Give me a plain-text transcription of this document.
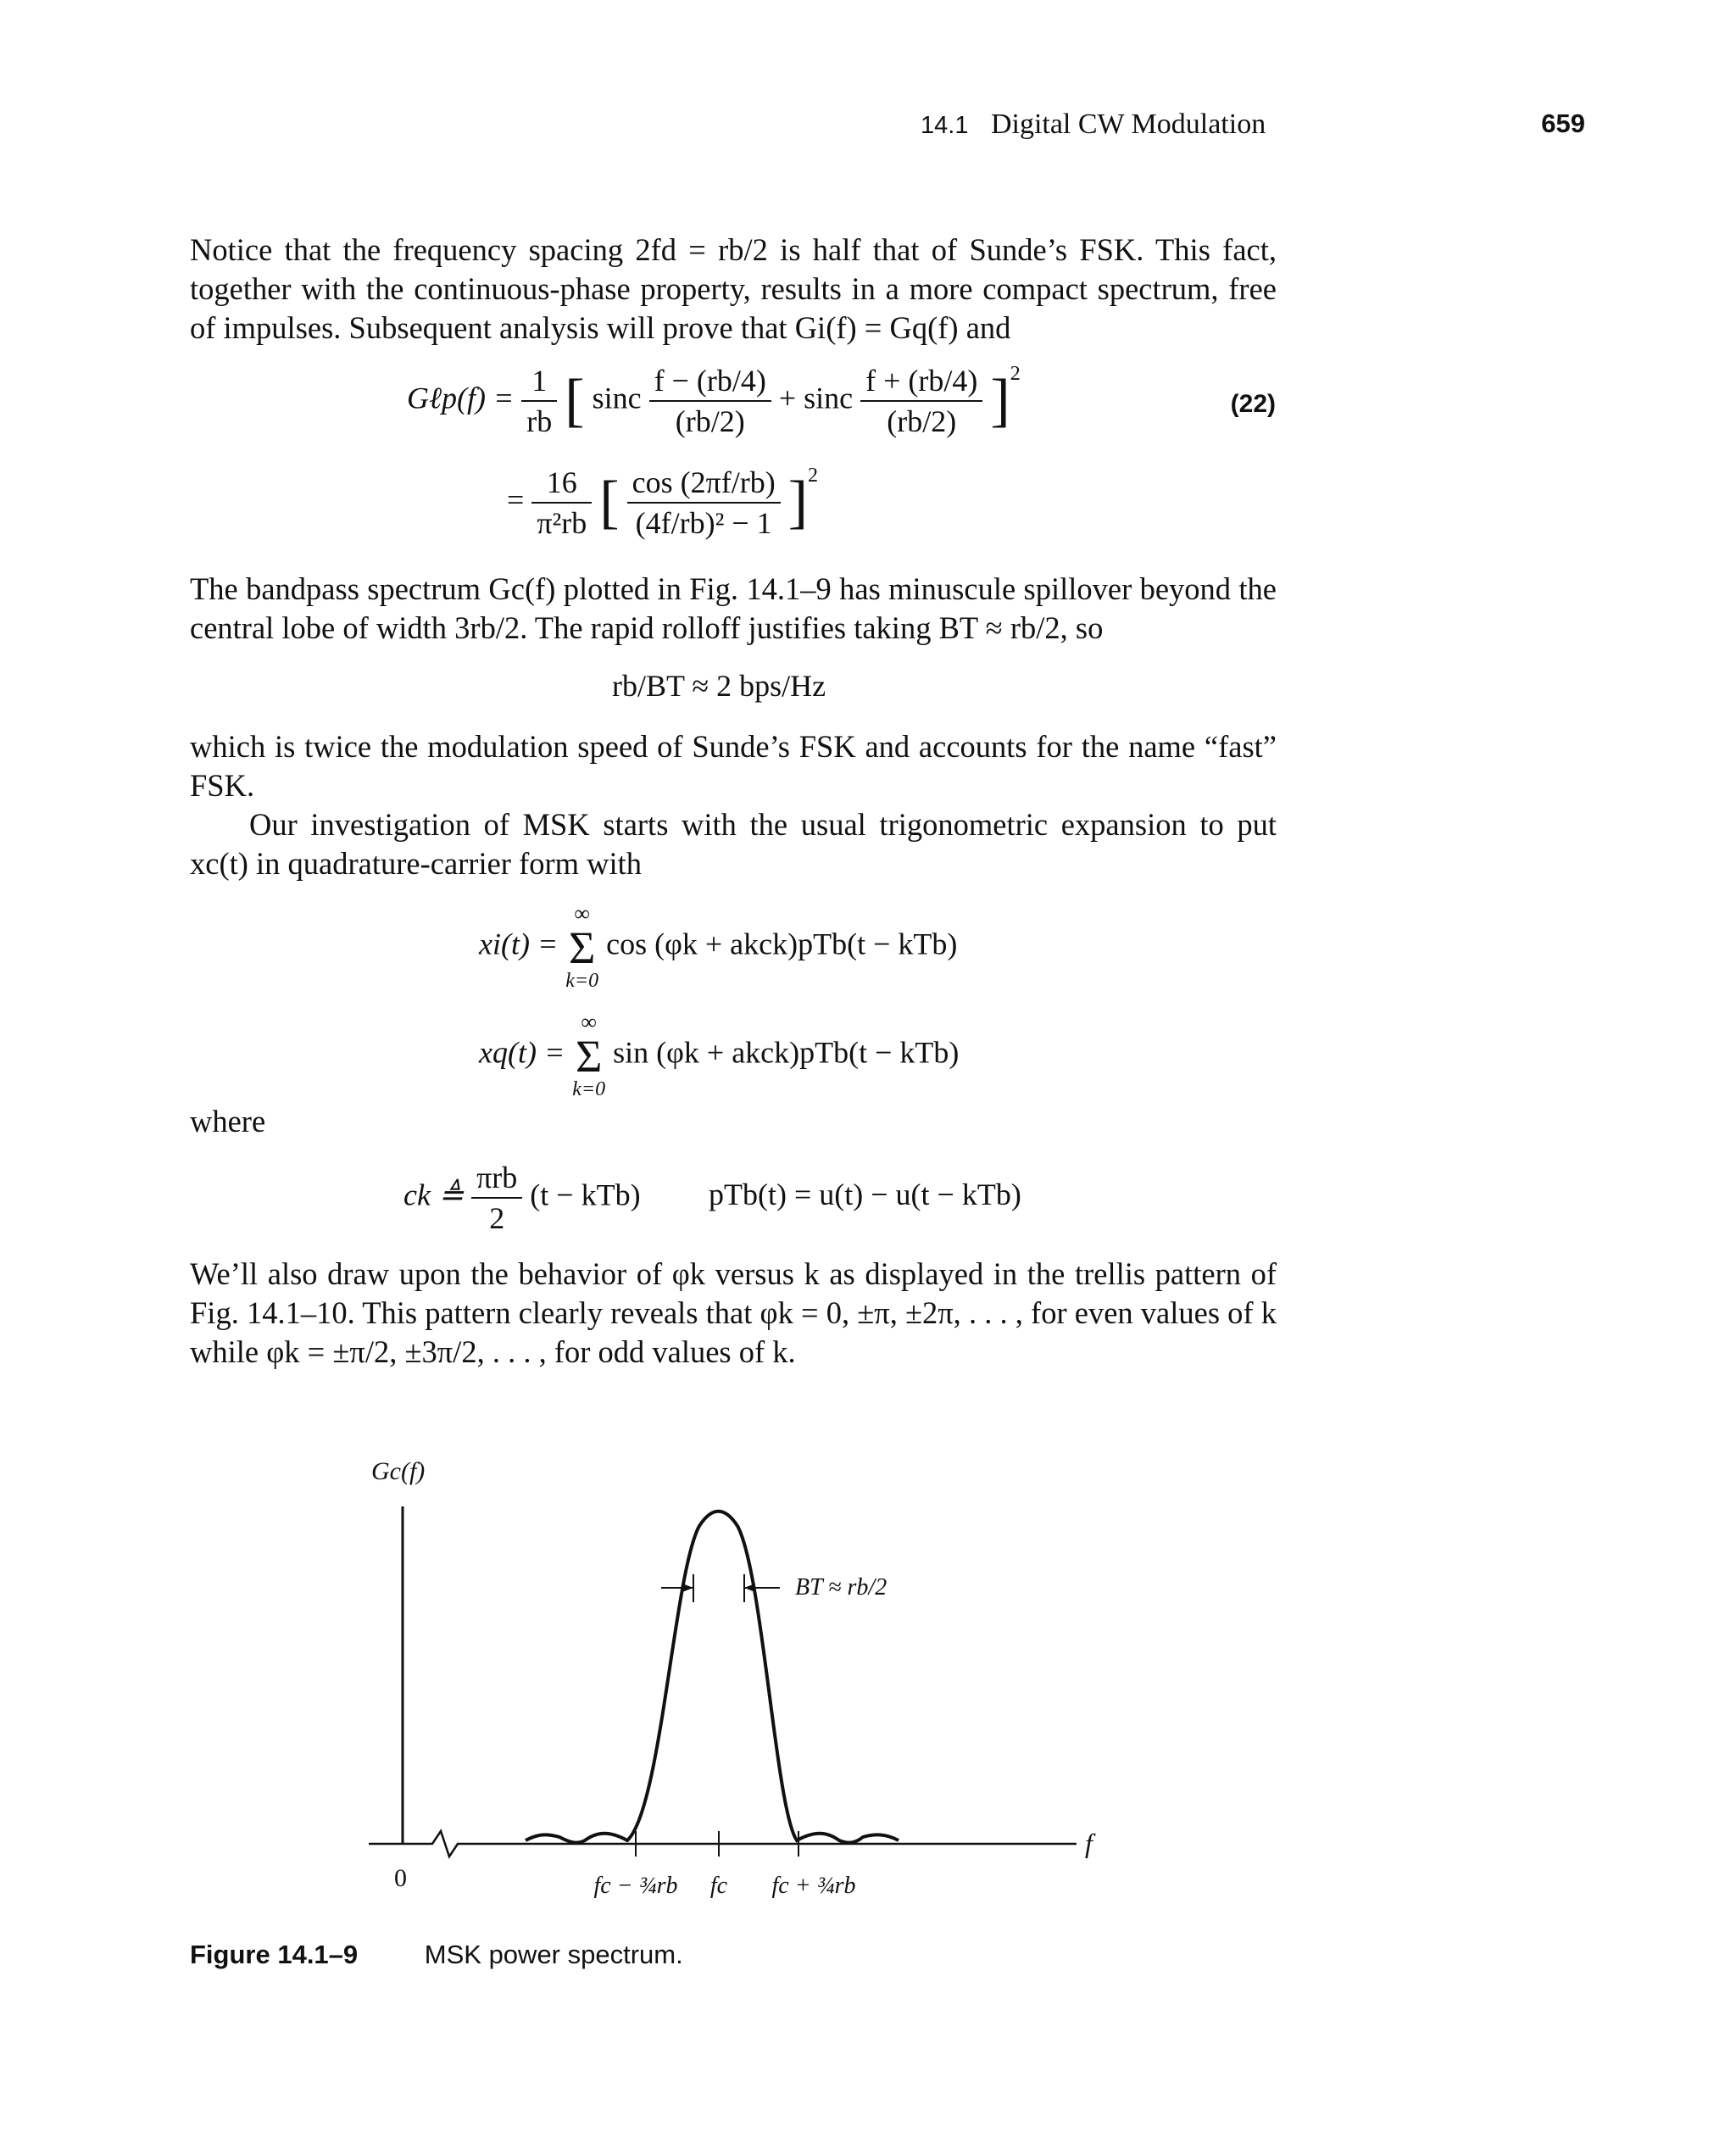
14.1 Digital CW Modulation	659

Notice that the frequency spacing 2fd = rb/2 is half that of Sunde’s FSK. This fact, together with the continuous-phase property, results in a more compact spectrum, free of impulses. Subsequent analysis will prove that Gi(f) = Gq(f) and

Gℓp(f) = $\frac{1}{rb}$ [ sinc $\frac{f - (rb/4)}{(rb/2)} + \sin c \frac{f + (rb/4)}{(rb/2)} ]^2$
(22)
= $\frac{16}{\text{π²rb}}$ [ $\frac{\cos (2\pi f/rb)}{\text{(4f/rb)² − 1}} ]^2$

The bandpass spectrum Gc(f) plotted in Fig. 14.1–9 has minuscule spillover beyond the central lobe of width 3rb/2. The rapid rolloff justifies taking BT ≈ rb/2, so

rb/BT ≈ 2 bps/Hz

which is twice the modulation speed of Sunde’s FSK and accounts for the name “fast” FSK.

Our investigation of MSK starts with the usual trigonometric expansion to put xc(t) in quadrature-carrier form with

xi(t) =
∞
Σ
k=0
cos (φk + akck)pTb(t − kTb)
xq(t) =
∞
Σ
k=0
sin (φk + akck)pTb(t − kTb)

where

ck ≜ $\frac{\text{πrb}}{2} (t - kTb) pTb(t) = u(t) - u(t - kTb)$

We’ll also draw upon the behavior of φk versus k as displayed in the trellis pattern of Fig. 14.1–10. This pattern clearly reveals that φk = 0, ±π, ±2π, . . . , for even values of k while φk = ±π/2, ±3π/2, . . . , for odd values of k.

Gc(f)
f
0
BT ≈ rb/2
fc − ¾rb fc fc + ¾rb
Figure 14.1–9	MSK power spectrum.
